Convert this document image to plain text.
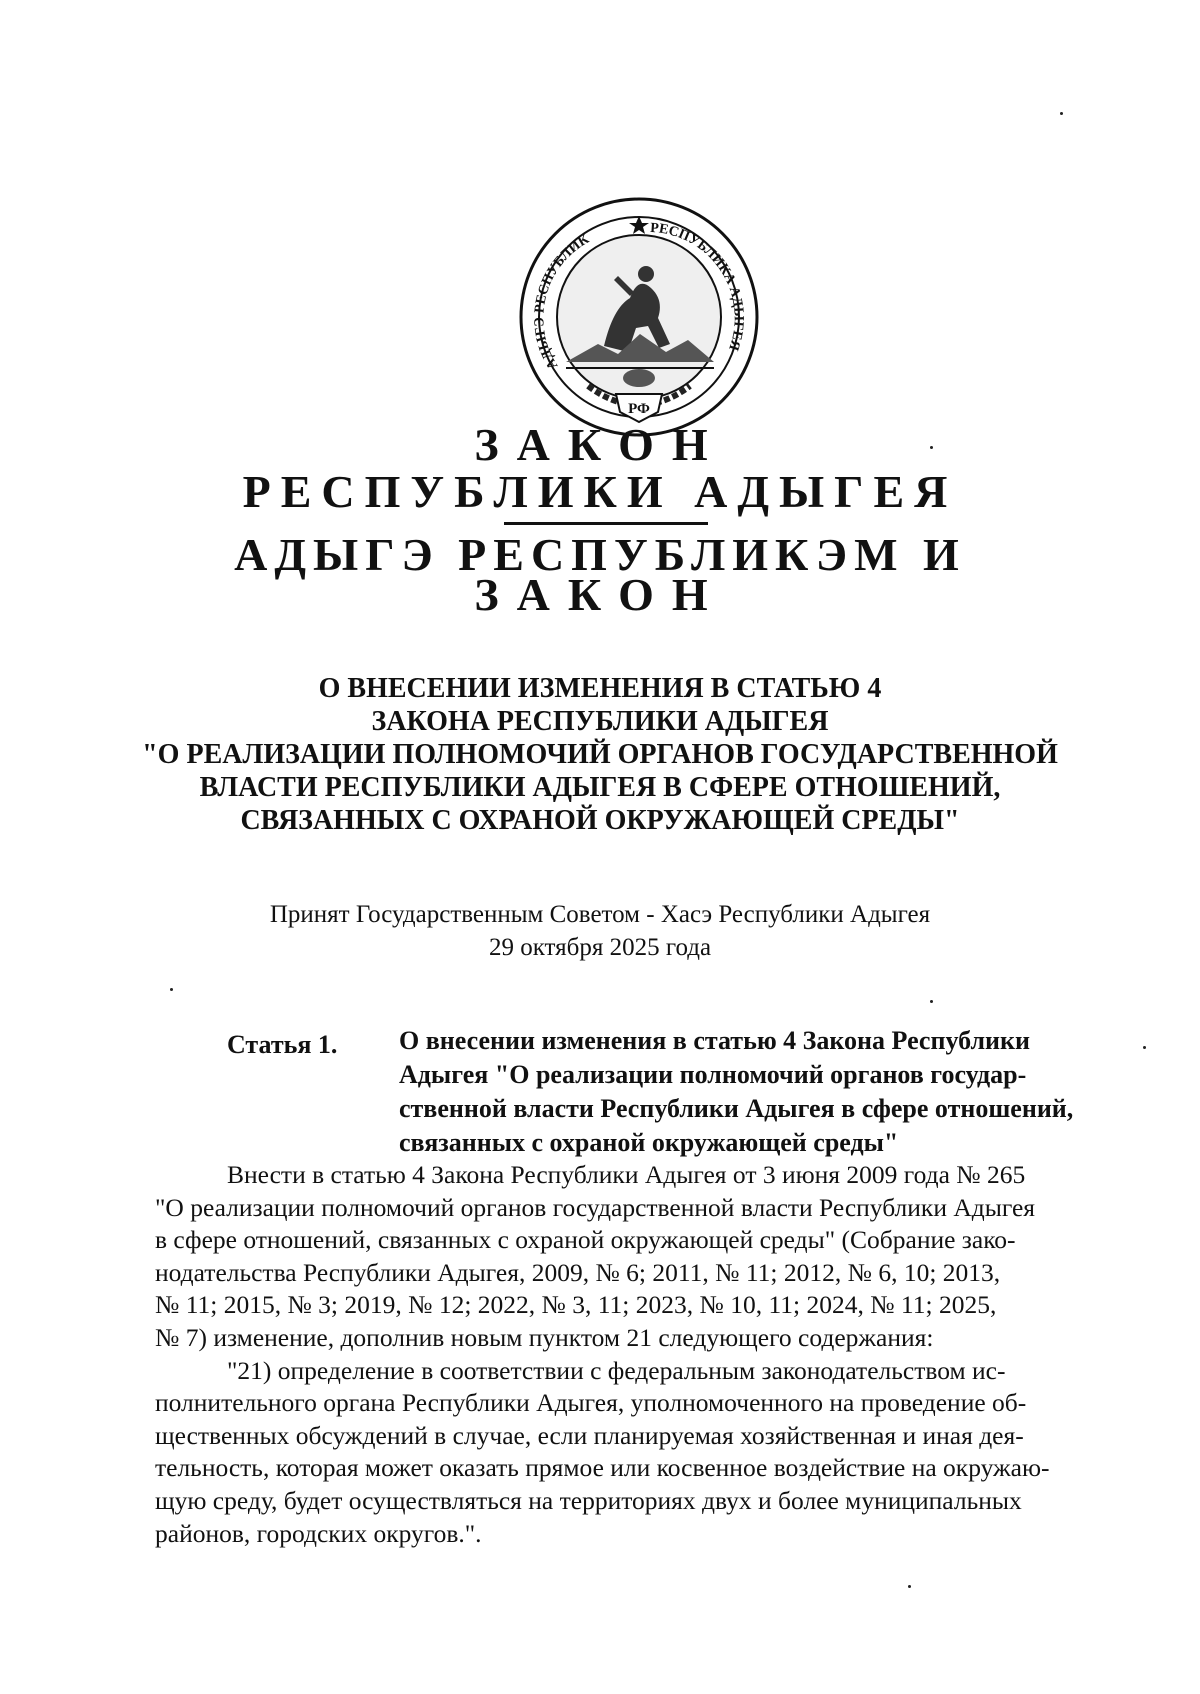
АДЫГЭ РЕСПУБЛИК
РЕСПУБЛИКА АДЫГЕЯ
РФ
ЗАКОН
РЕСПУБЛИКИ АДЫГЕЯ
АДЫГЭ РЕСПУБЛИКЭМ И
ЗАКОН
О ВНЕСЕНИИ ИЗМЕНЕНИЯ В СТАТЬЮ 4
ЗАКОНА РЕСПУБЛИКИ АДЫГЕЯ
"О РЕАЛИЗАЦИИ ПОЛНОМОЧИЙ ОРГАНОВ ГОСУДАРСТВЕННОЙ
ВЛАСТИ РЕСПУБЛИКИ АДЫГЕЯ В СФЕРЕ ОТНОШЕНИЙ,
СВЯЗАННЫХ С ОХРАНОЙ ОКРУЖАЮЩЕЙ СРЕДЫ"
Принят Государственным Советом - Хасэ Республики Адыгея
29 октября 2025 года
Статья 1. О внесении изменения в статью 4 Закона Республики
Адыгея "О реализации полномочий органов государ-
ственной власти Республики Адыгея в сфере отношений,
связанных с охраной окружающей среды"
Внести в статью 4 Закона Республики Адыгея от 3 июня 2009 года № 265
"О реализации полномочий органов государственной власти Республики Адыгея
в сфере отношений, связанных с охраной окружающей среды" (Собрание зако-
нодательства Республики Адыгея, 2009, № 6; 2011, № 11; 2012, № 6, 10; 2013,
№ 11; 2015, № 3; 2019, № 12; 2022, № 3, 11; 2023, № 10, 11; 2024, № 11; 2025,
№ 7) изменение, дополнив новым пунктом 21 следующего содержания:
"21) определение в соответствии с федеральным законодательством ис-
полнительного органа Республики Адыгея, уполномоченного на проведение об-
щественных обсуждений в случае, если планируемая хозяйственная и иная дея-
тельность, которая может оказать прямое или косвенное воздействие на окружаю-
щую среду, будет осуществляться на территориях двух и более муниципальных
районов, городских округов.".
